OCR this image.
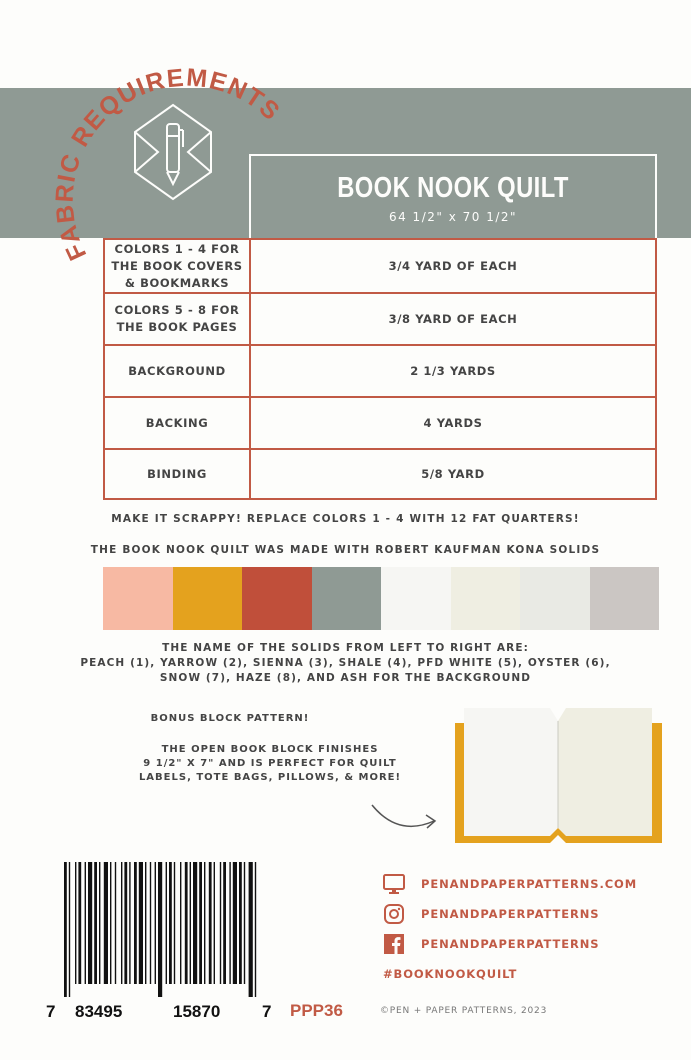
FABRIC REQUIREMENTS
BOOK NOOK QUILT
64 1/2" x 70 1/2"
COLORS 1 - 4 FOR THE BOOK COVERS & BOOKMARKS	3/4 YARD OF EACH
COLORS 5 - 8 FOR THE BOOK PAGES	3/8 YARD OF EACH
BACKGROUND	2 1/3 YARDS
BACKING	4 YARDS
BINDING	5/8 YARD
MAKE IT SCRAPPY! REPLACE COLORS 1 - 4 WITH 12 FAT QUARTERS!
THE BOOK NOOK QUILT WAS MADE WITH ROBERT KAUFMAN KONA SOLIDS
THE NAME OF THE SOLIDS FROM LEFT TO RIGHT ARE:
PEACH (1), YARROW (2), SIENNA (3), SHALE (4), PFD WHITE (5), OYSTER (6),
SNOW (7), HAZE (8), AND ASH FOR THE BACKGROUND
BONUS BLOCK PATTERN!
THE OPEN BOOK BLOCK FINISHES
9 1/2" X 7" AND IS PERFECT FOR QUILT
LABELS, TOTE BAGS, PILLOWS, & MORE!
7 83495	15870 7 PPP36	©PEN + PAPER PATTERNS, 2023
PENANDPAPERPATTERNS.COM
PENANDPAPERPATTERNS
PENANDPAPERPATTERNS
#BOOKNOOKQUILT
